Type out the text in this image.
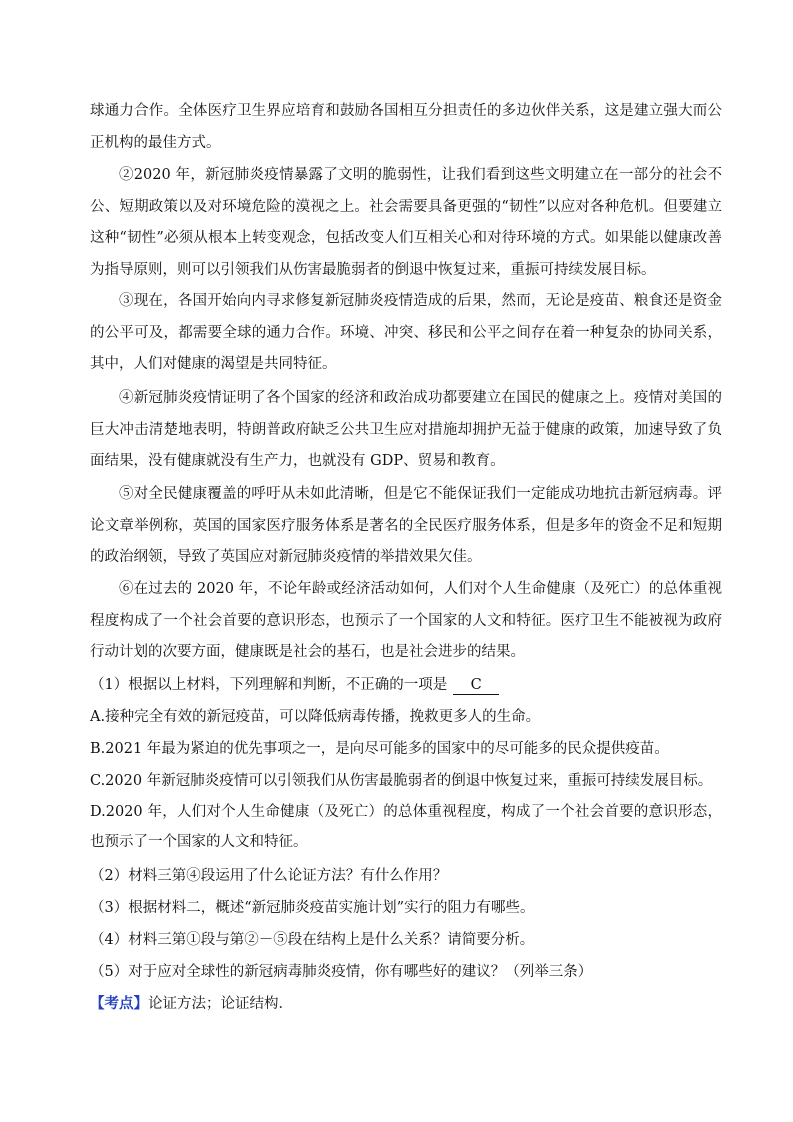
球通力合作。全体医疗卫生界应培育和鼓励各国相互分担责任的多边伙伴关系，这是建立强大而公正机构的最佳方式。

②2020 年，新冠肺炎疫情暴露了文明的脆弱性，让我们看到这些文明建立在一部分的社会不公、短期政策以及对环境危险的漠视之上。社会需要具备更强的“韧性”以应对各种危机。但要建立这种“韧性”必须从根本上转变观念，包括改变人们互相关心和对待环境的方式。如果能以健康改善为指导原则，则可以引领我们从伤害最脆弱者的倒退中恢复过来，重振可持续发展目标。

③现在，各国开始向内寻求修复新冠肺炎疫情造成的后果，然而，无论是疫苗、粮食还是资金的公平可及，都需要全球的通力合作。环境、冲突、移民和公平之间存在着一种复杂的协同关系，其中，人们对健康的渴望是共同特征。

④新冠肺炎疫情证明了各个国家的经济和政治成功都要建立在国民的健康之上。疫情对美国的巨大冲击清楚地表明，特朗普政府缺乏公共卫生应对措施却拥护无益于健康的政策，加速导致了负面结果，没有健康就没有生产力，也就没有 GDP、贸易和教育。

⑤对全民健康覆盖的呼吁从未如此清晰，但是它不能保证我们一定能成功地抗击新冠病毒。评论文章举例称，英国的国家医疗服务体系是著名的全民医疗服务体系，但是多年的资金不足和短期的政治纲领，导致了英国应对新冠肺炎疫情的举措效果欠佳。

⑥在过去的 2020 年，不论年龄或经济活动如何，人们对个人生命健康（及死亡）的总体重视程度构成了一个社会首要的意识形态，也预示了一个国家的人文和特征。医疗卫生不能被视为政府行动计划的次要方面，健康既是社会的基石，也是社会进步的结果。

（1）根据以上材料，下列理解和判断，不正确的一项是 C

A.接种完全有效的新冠疫苗，可以降低病毒传播，挽救更多人的生命。

B.2021 年最为紧迫的优先事项之一，是向尽可能多的国家中的尽可能多的民众提供疫苗。

C.2020 年新冠肺炎疫情可以引领我们从伤害最脆弱者的倒退中恢复过来，重振可持续发展目标。

D.2020 年，人们对个人生命健康（及死亡）的总体重视程度，构成了一个社会首要的意识形态，也预示了一个国家的人文和特征。

（2）材料三第④段运用了什么论证方法？有什么作用？

（3）根据材料二，概述“新冠肺炎疫苗实施计划”实行的阻力有哪些。

（4）材料三第①段与第②－⑤段在结构上是什么关系？请简要分析。

（5）对于应对全球性的新冠病毒肺炎疫情，你有哪些好的建议？（列举三条）

【考点】论证方法；论证结构．
